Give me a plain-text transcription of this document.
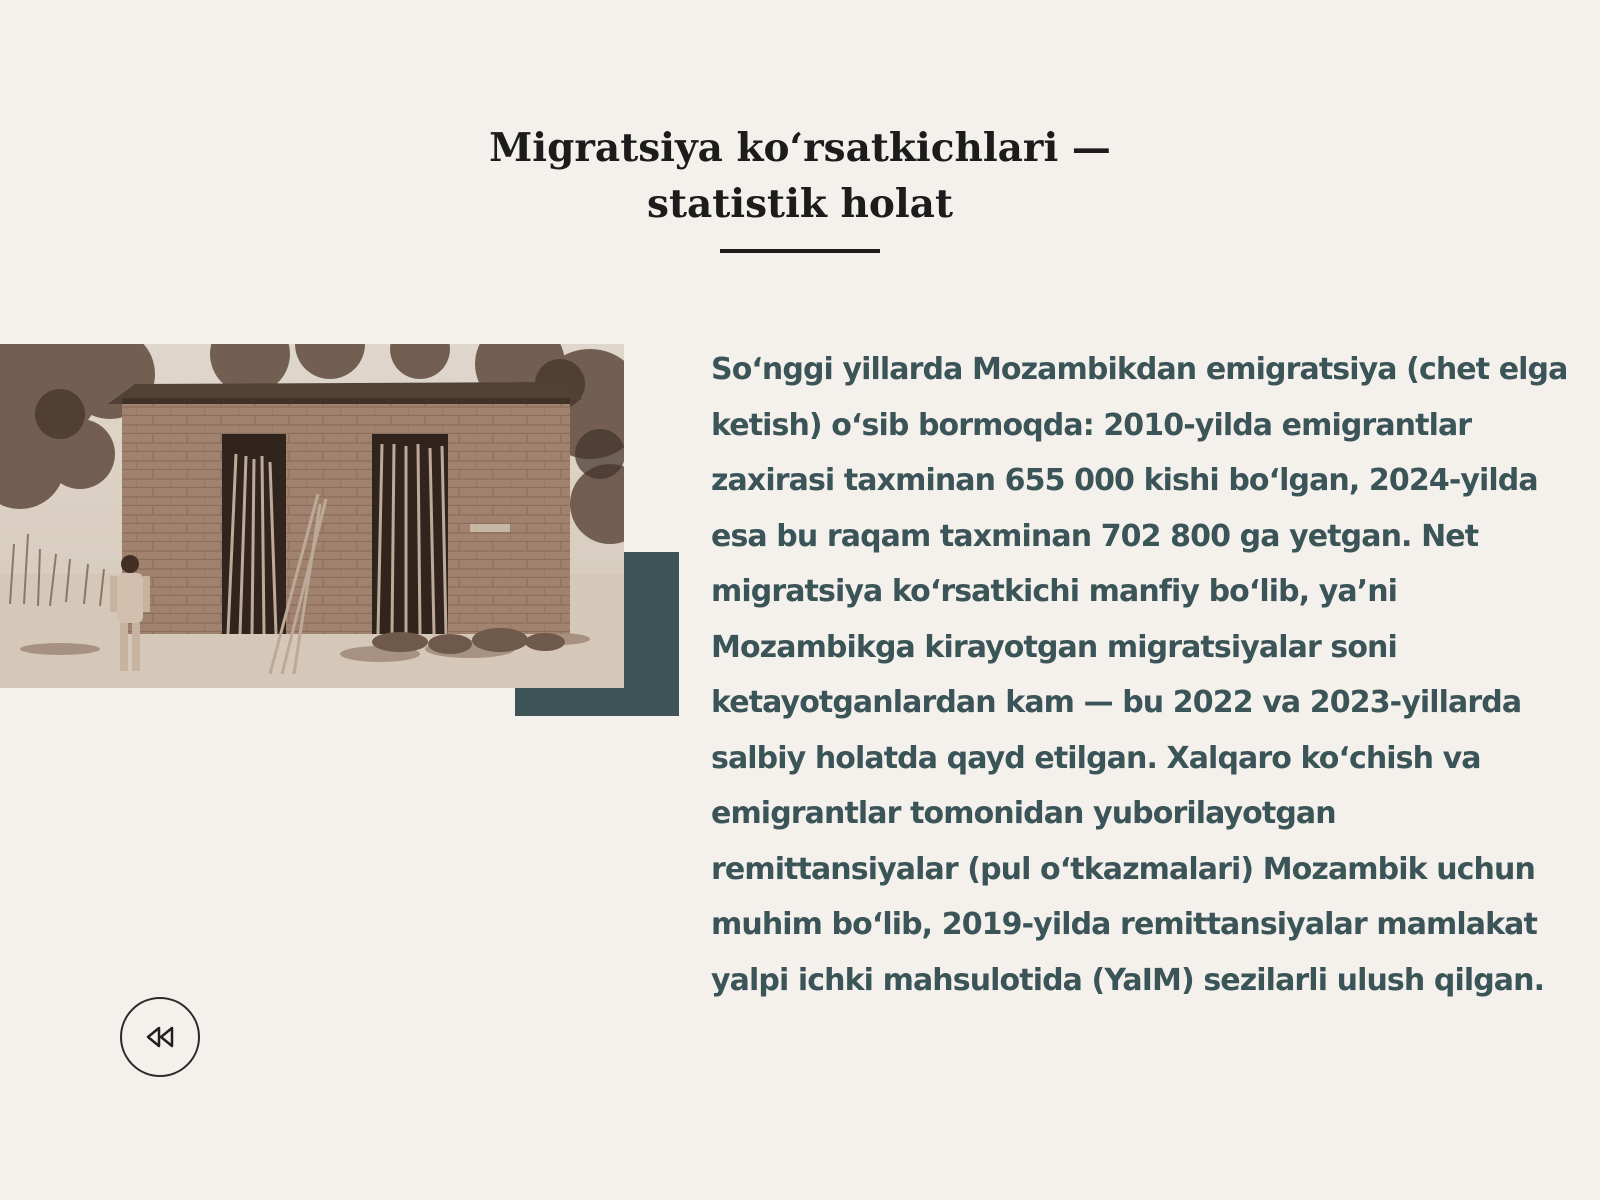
Migratsiya koʻrsatkichlari —
statistik holat

Soʻnggi yillarda Mozambikdan emigratsiya (chet elga ketish) oʻsib bormoqda: 2010-yilda emigrantlar zaxirasi taxminan 655 000 kishi boʻlgan, 2024-yilda esa bu raqam taxminan 702 800 ga yetgan. Net migratsiya koʻrsatkichi manfiy boʻlib, yaʼni Mozambikga kirayotgan migratsiyalar soni ketayotganlardan kam — bu 2022 va 2023-yillarda salbiy holatda qayd etilgan. Xalqaro koʻchish va emigrantlar tomonidan yuborilayotgan remittansiyalar (pul oʻtkazmalari) Mozambik uchun muhim boʻlib, 2019-yilda remittansiyalar mamlakat yalpi ichki mahsulotida (YaIM) sezilarli ulush qilgan.
